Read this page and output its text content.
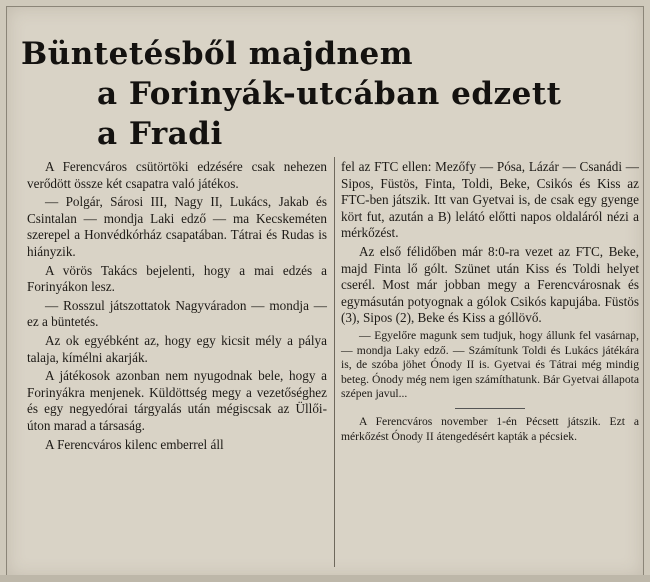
Büntetésből majdnem
a Forinyák-utcában edzett
a Fradi

A Ferencváros csütörtöki edzésére csak nehezen verődött össze két csapatra való játékos.

— Polgár, Sárosi III, Nagy II, Lukács, Jakab és Csintalan — mondja Laki edző — ma Kecskeméten szerepel a Honvédkórház csapatában. Tátrai és Rudas is hiányzik.

A vörös Takács bejelenti, hogy a mai edzés a Forinyákon lesz.

— Rosszul játszottatok Nagyváradon — mondja — ez a büntetés.

Az ok egyébként az, hogy egy kicsit mély a pálya talaja, kímélni akarják.

A játékosok azonban nem nyugodnak bele, hogy a Forinyákra menjenek. Küldöttség megy a vezetőséghez és egy negyedórai tárgyalás után mégiscsak az Üllői-úton marad a társaság.

A Ferencváros kilenc emberrel áll

fel az FTC ellen: Mezőfy — Pósa, Lázár — Csanádi — Sipos, Füstös, Finta, Toldi, Beke, Csikós és Kiss az FTC-ben játszik. Itt van Gyetvai is, de csak egy gyenge kört fut, azután a B) lelátó előtti napos oldaláról nézi a mérkőzést.

Az első félidőben már 8:0-ra vezet az FTC, Beke, majd Finta lő gólt. Szünet után Kiss és Toldi helyet cserél. Most már jobban megy a Ferencvárosnak és egymásután potyognak a gólok Csikós kapujába. Füstös (3), Sipos (2), Beke és Kiss a góllövő.

— Egyelőre magunk sem tudjuk, hogy állunk fel vasárnap, — mondja Laky edző. — Számítunk Toldi és Lukács játékára is, de szóba jöhet Ónody II is. Gyetvai és Tátrai még mindig beteg. Ónody még nem igen számíthatunk. Bár Gyetvai állapota szépen javul...

A Ferencváros november 1-én Pécsett játszik. Ezt a mérkőzést Ónody II átengedésért kapták a pécsiek.
